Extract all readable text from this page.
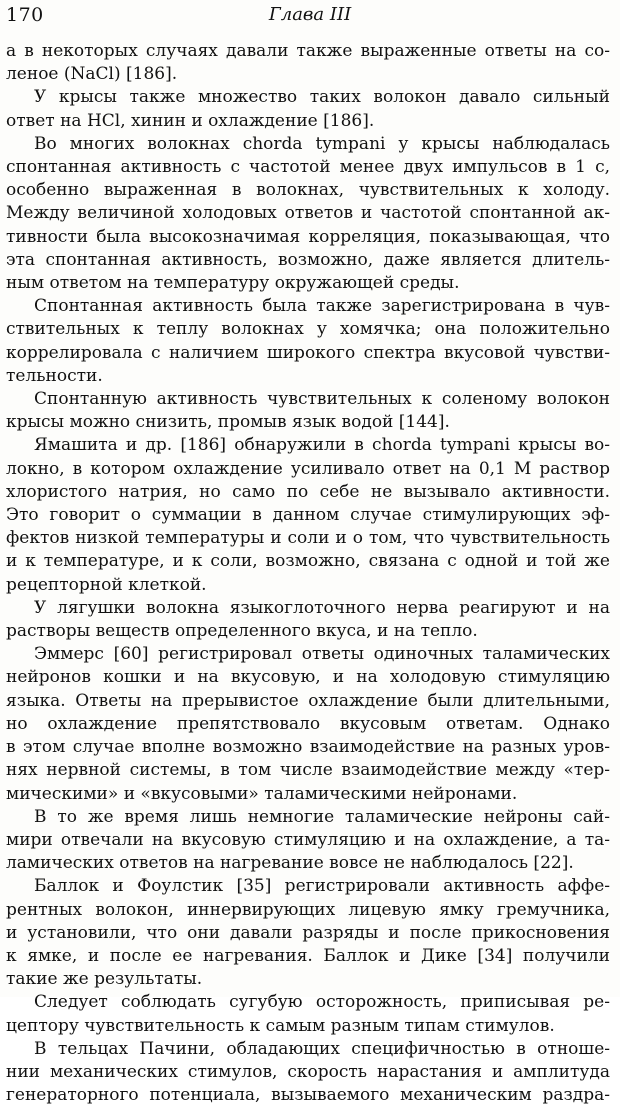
170	Глава III
а в некоторых случаях давали также выраженные ответы на со-
леное (NaCl) [186].
У крысы также множество таких волокон давало сильный
ответ на HCl, хинин и охлаждение [186].
Во многих волокнах chorda tympani у крысы наблюдалась
спонтанная активность с частотой менее двух импульсов в 1 с,
особенно выраженная в волокнах, чувствительных к холоду.
Между величиной холодовых ответов и частотой спонтанной ак-
тивности была высокозначимая корреляция, показывающая, что
эта спонтанная активность, возможно, даже является длитель-
ным ответом на температуру окружающей среды.
Спонтанная активность была также зарегистрирована в чув-
ствительных к теплу волокнах у хомячка; она положительно
коррелировала с наличием широкого спектра вкусовой чувстви-
тельности.
Спонтанную активность чувствительных к соленому волокон
крысы можно снизить, промыв язык водой [144].
Ямашита и др. [186] обнаружили в chorda tympani крысы во-
локно, в котором охлаждение усиливало ответ на 0,1 М раствор
хлористого натрия, но само по себе не вызывало активности.
Это говорит о суммации в данном случае стимулирующих эф-
фектов низкой температуры и соли и о том, что чувствительность
и к температуре, и к соли, возможно, связана с одной и той же
рецепторной клеткой.
У лягушки волокна языкоглоточного нерва реагируют и на
растворы веществ определенного вкуса, и на тепло.
Эммерс [60] регистрировал ответы одиночных таламических
нейронов кошки и на вкусовую, и на холодовую стимуляцию
языка. Ответы на прерывистое охлаждение были длительными,
но охлаждение препятствовало вкусовым ответам. Однако
в этом случае вполне возможно взаимодействие на разных уров-
нях нервной системы, в том числе взаимодействие между «тер-
мическими» и «вкусовыми» таламическими нейронами.
В то же время лишь немногие таламические нейроны сай-
мири отвечали на вкусовую стимуляцию и на охлаждение, а та-
ламических ответов на нагревание вовсе не наблюдалось [22].
Баллок и Фоулстик [35] регистрировали активность аффе-
рентных волокон, иннервирующих лицевую ямку гремучника,
и установили, что они давали разряды и после прикосновения
к ямке, и после ее нагревания. Баллок и Дике [34] получили
такие же результаты.
Следует соблюдать сугубую осторожность, приписывая ре-
цептору чувствительность к самым разным типам стимулов.
В тельцах Пачини, обладающих специфичностью в отноше-
нии механических стимулов, скорость нарастания и амплитуда
генераторного потенциала, вызываемого механическим раздра-
